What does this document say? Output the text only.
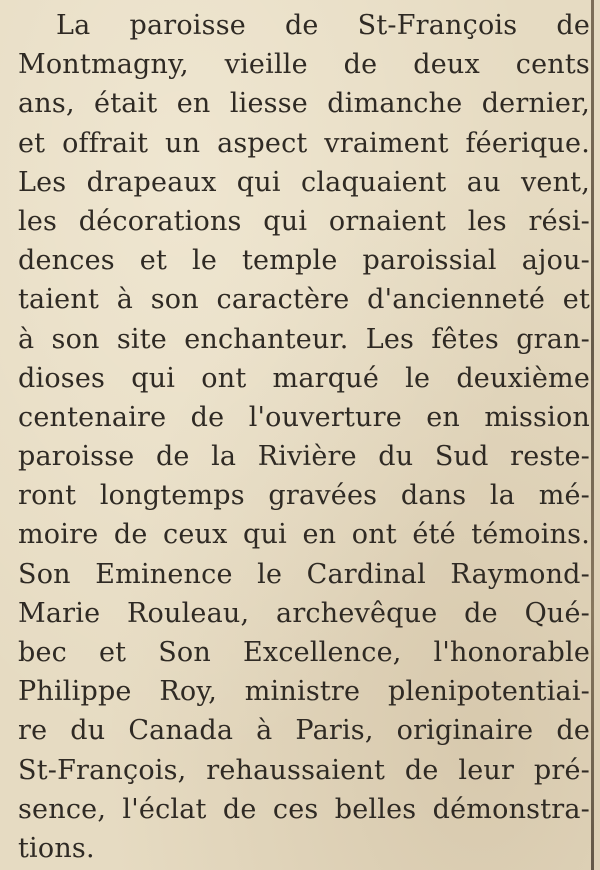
La paroisse de St-François de
Montmagny, vieille de deux cents
ans, était en liesse dimanche dernier,
et offrait un aspect vraiment féerique.
Les drapeaux qui claquaient au vent,
les décorations qui ornaient les rési-
dences et le temple paroissial ajou-
taient à son caractère d'ancienneté et
à son site enchanteur. Les fêtes gran-
dioses qui ont marqué le deuxième
centenaire de l'ouverture en mission
paroisse de la Rivière du Sud reste-
ront longtemps gravées dans la mé-
moire de ceux qui en ont été témoins.
Son Eminence le Cardinal Raymond-
Marie Rouleau, archevêque de Qué-
bec et Son Excellence, l'honorable
Philippe Roy, ministre plenipotentiai-
re du Canada à Paris, originaire de
St-François, rehaussaient de leur pré-
sence, l'éclat de ces belles démonstra-
tions.
